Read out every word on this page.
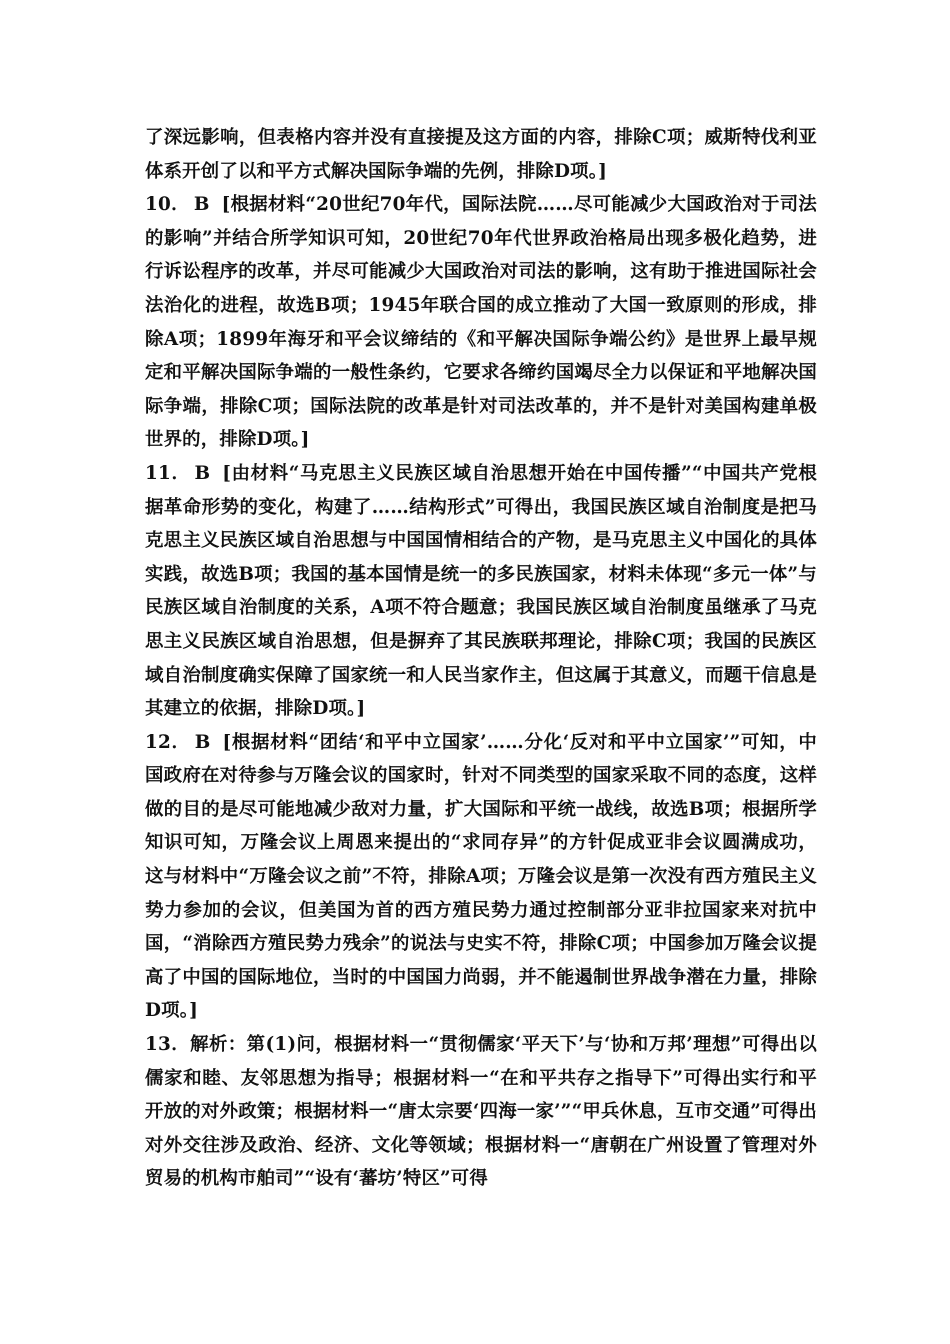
了深远影响，但表格内容并没有直接提及这方面的内容，排除C项；威斯特伐利亚体系开创了以和平方式解决国际争端的先例，排除D项。]

10． B [根据材料“20世纪70年代，国际法院……尽可能减少大国政治对于司法的影响”并结合所学知识可知，20世纪70年代世界政治格局出现多极化趋势，进行诉讼程序的改革，并尽可能减少大国政治对司法的影响，这有助于推进国际社会法治化的进程，故选B项；1945年联合国的成立推动了大国一致原则的形成，排除A项；1899年海牙和平会议缔结的《和平解决国际争端公约》是世界上最早规定和平解决国际争端的一般性条约，它要求各缔约国竭尽全力以保证和平地解决国际争端，排除C项；国际法院的改革是针对司法改革的，并不是针对美国构建单极世界的，排除D项。]

11． B [由材料“马克思主义民族区域自治思想开始在中国传播”“中国共产党根据革命形势的变化，构建了……结构形式”可得出，我国民族区域自治制度是把马克思主义民族区域自治思想与中国国情相结合的产物，是马克思主义中国化的具体实践，故选B项；我国的基本国情是统一的多民族国家，材料未体现“多元一体”与民族区域自治制度的关系，A项不符合题意；我国民族区域自治制度虽继承了马克思主义民族区域自治思想，但是摒弃了其民族联邦理论，排除C项；我国的民族区域自治制度确实保障了国家统一和人民当家作主，但这属于其意义，而题干信息是其建立的依据，排除D项。]

12． B [根据材料“团结‘和平中立国家’……分化‘反对和平中立国家’”可知，中国政府在对待参与万隆会议的国家时，针对不同类型的国家采取不同的态度，这样做的目的是尽可能地减少敌对力量，扩大国际和平统一战线，故选B项；根据所学知识可知，万隆会议上周恩来提出的“求同存异”的方针促成亚非会议圆满成功，这与材料中“万隆会议之前”不符，排除A项；万隆会议是第一次没有西方殖民主义势力参加的会议，但美国为首的西方殖民势力通过控制部分亚非拉国家来对抗中国，“消除西方殖民势力残余”的说法与史实不符，排除C项；中国参加万隆会议提高了中国的国际地位，当时的中国国力尚弱，并不能遏制世界战争潜在力量，排除D项。]

13．解析：第(1)问，根据材料一“贯彻儒家‘平天下’与‘协和万邦’理想”可得出以儒家和睦、友邻思想为指导；根据材料一“在和平共存之指导下”可得出实行和平开放的对外政策；根据材料一“唐太宗要‘四海一家’”“甲兵休息，互市交通”可得出对外交往涉及政治、经济、文化等领域；根据材料一“唐朝在广州设置了管理对外贸易的机构市舶司”“设有‘蕃坊’特区”可得
